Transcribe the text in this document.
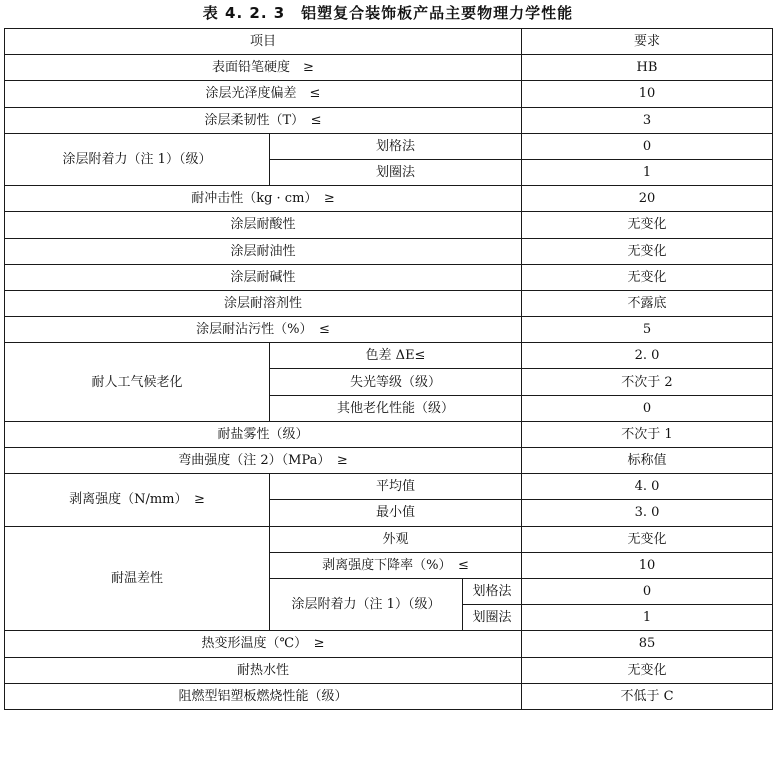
表 4. 2. 3　铝塑复合装饰板产品主要物理力学性能
项目			要求
表面铅笔硬度　≥			HB
涂层光泽度偏差　≤			10
涂层柔韧性（T）　≤			3
涂层附着力（注 1）（级）	划格法		0
	划圈法		1
耐冲击性（kg · cm）　≥			20
涂层耐酸性			无变化
涂层耐油性			无变化
涂层耐碱性			无变化
涂层耐溶剂性			不露底
涂层耐沾污性（%）　≤			5
耐人工气候老化	色差 ΔE≤		2. 0
	失光等级（级）		不次于 2
	其他老化性能（级）		0
耐盐雾性（级）			不次于 1
弯曲强度（注 2）（MPa）　≥			标称值
剥离强度（N/mm）　≥	平均值		4. 0
	最小值		3. 0
耐温差性	外观		无变化
	剥离强度下降率（%）　≤		10
	涂层附着力（注 1）（级）	划格法	0
		划圈法	1
热变形温度（℃）　≥			85
耐热水性			无变化
阻燃型铝塑板燃烧性能（级）			不低于 C
